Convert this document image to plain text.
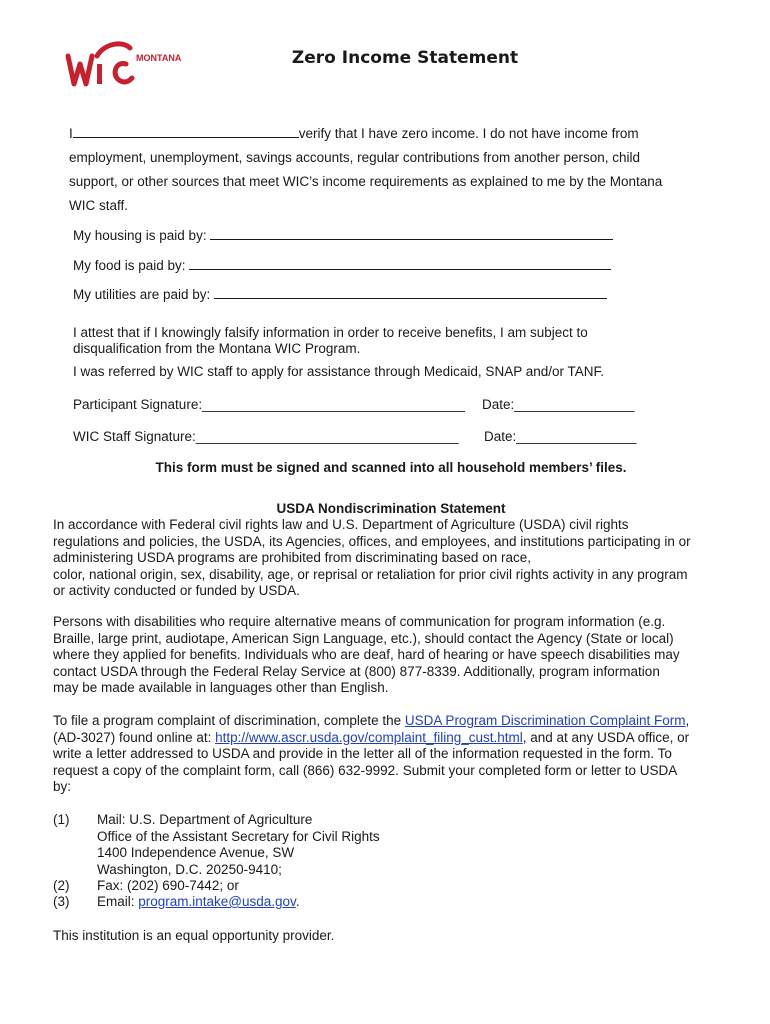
MONTANA	Zero Income Statement
I	verify that I have zero income. I do not have income from
employment, unemployment, savings accounts, regular contributions from another person, child
support, or other sources that meet WIC’s income requirements as explained to me by the Montana
WIC staff.
My housing is paid by:
My food is paid by:
My utilities are paid by:
I attest that if I knowingly falsify information in order to receive benefits, I am subject to
disqualification from the Montana WIC Program.
I was referred by WIC staff to apply for assistance through Medicaid, SNAP and/or TANF.
Participant Signature:___________________________________ Date:________________
WIC Staff Signature:___________________________________ Date:________________
This form must be signed and scanned into all household members’ files.
USDA Nondiscrimination Statement
In accordance with Federal civil rights law and U.S. Department of Agriculture (USDA) civil rights
regulations and policies, the USDA, its Agencies, offices, and employees, and institutions participating in or
administering USDA programs are prohibited from discriminating based on race,
color, national origin, sex, disability, age, or reprisal or retaliation for prior civil rights activity in any program
or activity conducted or funded by USDA.
Persons with disabilities who require alternative means of communication for program information (e.g.
Braille, large print, audiotape, American Sign Language, etc.), should contact the Agency (State or local)
where they applied for benefits. Individuals who are deaf, hard of hearing or have speech disabilities may
contact USDA through the Federal Relay Service at (800) 877-8339. Additionally, program information
may be made available in languages other than English.
To file a program complaint of discrimination, complete the USDA Program Discrimination Complaint Form,
(AD-3027) found online at: http://www.ascr.usda.gov/complaint_filing_cust.html, and at any USDA office, or
write a letter addressed to USDA and provide in the letter all of the information requested in the form. To
request a copy of the complaint form, call (866) 632-9992. Submit your completed form or letter to USDA
by:
(1) Mail: U.S. Department of Agriculture
Office of the Assistant Secretary for Civil Rights
1400 Independence Avenue, SW
Washington, D.C. 20250-9410;
(2) Fax: (202) 690-7442; or
(3) Email: program.intake@usda.gov.
This institution is an equal opportunity provider.
